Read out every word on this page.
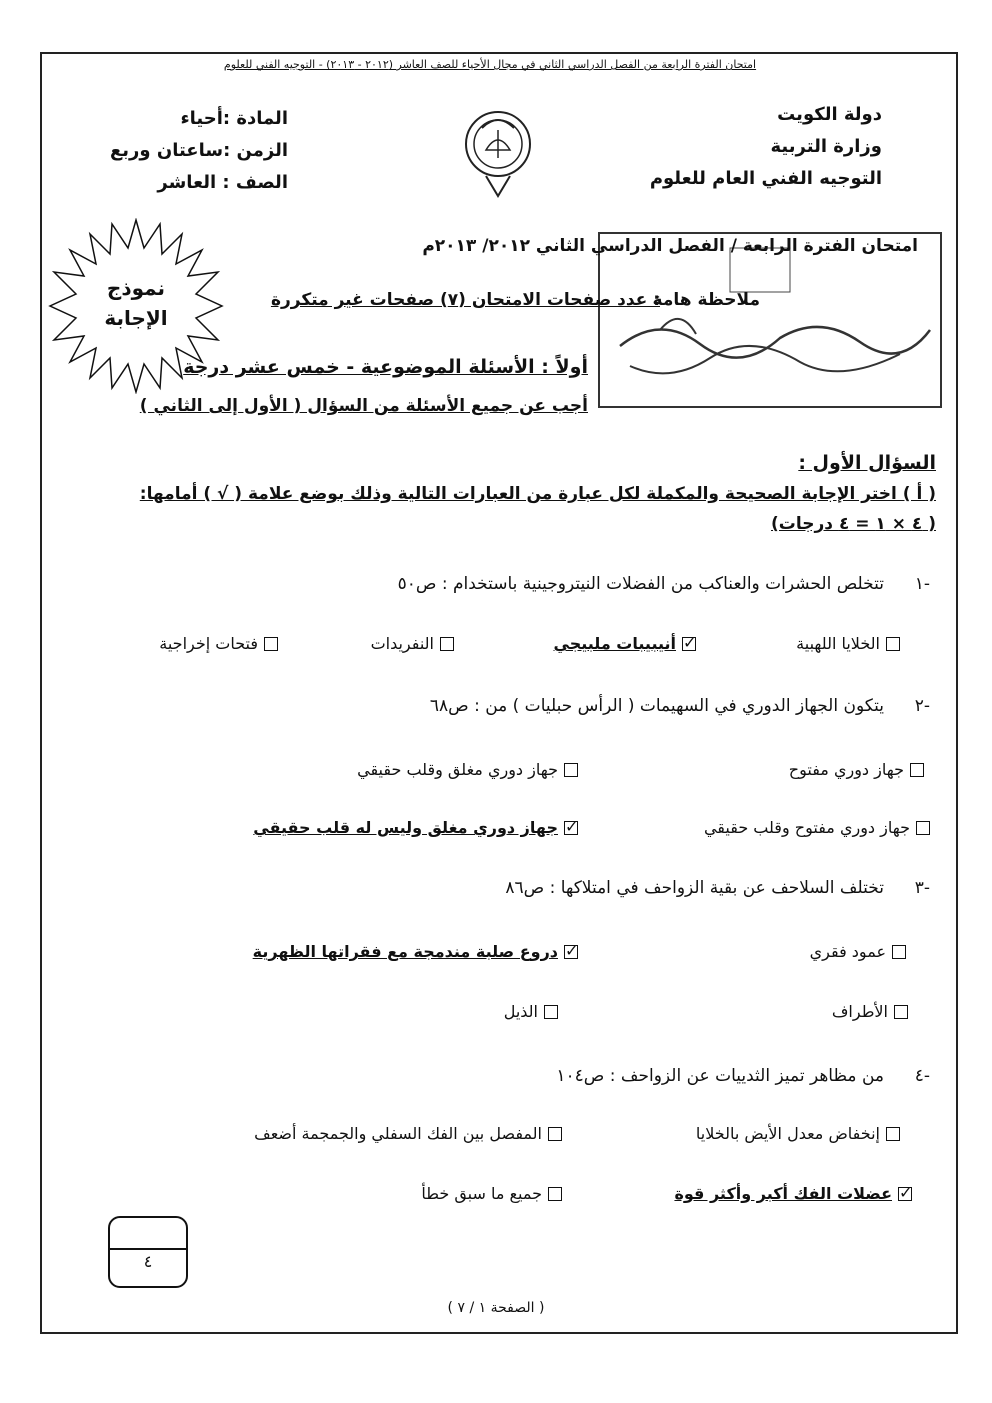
امتحان الفترة الرابعة من الفصل الدراسي الثاني في مجال الأحياء للصف العاشر (٢٠١٢ - ٢٠١٣) - التوجيه الفني للعلوم
دولة الكويت
وزارة التربية
التوجيه الفني العام للعلوم
المادة :أحياء
الزمن :ساعتان وربع
الصف : العاشر
نموذج
الإجابة
امتحان الفترة الرابعة / الفصل الدراسي الثاني ٢٠١٢/ ٢٠١٣م
ملاحظة هامة
: عدد صفحات الامتحان (٧) صفحات غير متكررة
أولاً : الأسئلة الموضوعية - خمس عشر درجة
أجب عن جميع الأسئلة من السؤال ( الأول إلى الثاني )
السؤال الأول :
( أ ) اختر الإجابة الصحيحة والمكملة لكل عبارة من العبارات التالية وذلك بوضع علامة ( √ ) أمامها:
( ٤ × ١ = ٤ درجات)
-١
تتخلص الحشرات والعناكب من الفضلات النيتروجينية باستخدام : ص٥٠
الخلايا اللهبية
✓
أنيبيبات ملبيجي
النفريدات
فتحات إخراجية
-٢
يتكون الجهاز الدوري في السهيمات ( الرأس حبليات ) من : ص٦٨
جهاز دوري مفتوح
جهاز دوري مغلق وقلب حقيقي
جهاز دوري مفتوح وقلب حقيقي
✓
جهاز دوري مغلق وليس له قلب حقيقي
-٣
تختلف السلاحف عن بقية الزواحف في امتلاكها : ص٨٦
عمود فقري
✓
دروع صلبة مندمجة مع فقراتها الظهرية
الأطراف
الذيل
-٤
من مظاهر تميز الثدييات عن الزواحف : ص١٠٤
إنخفاض معدل الأيض بالخلايا
المفصل بين الفك السفلي والجمجمة أضعف
✓
عضلات الفك أكبر وأكثر قوة
جميع ما سبق خطأ
٤
( الصفحة ١ / ٧ )
